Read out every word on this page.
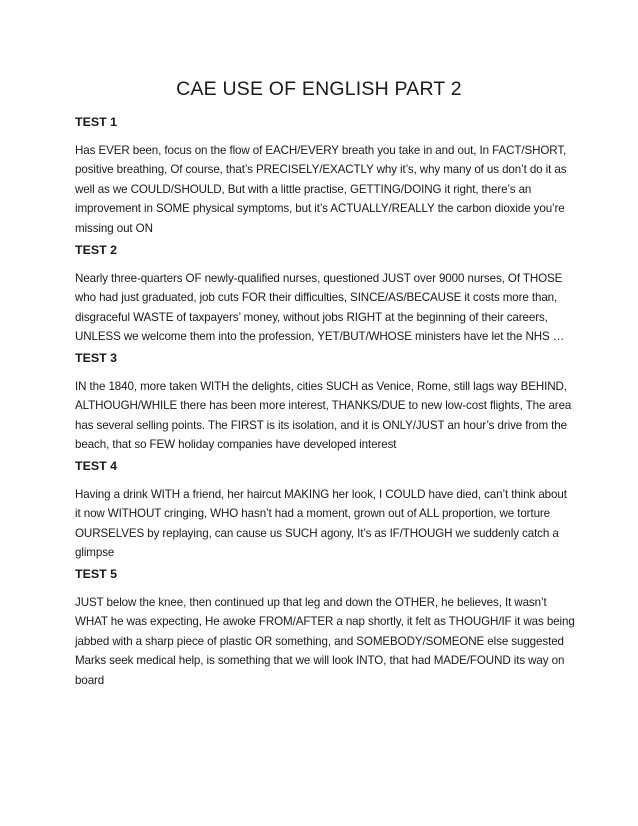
CAE USE OF ENGLISH PART 2

TEST 1

Has EVER been, focus on the flow of EACH/EVERY breath you take in and out, In FACT/SHORT, positive breathing, Of course, that’s PRECISELY/EXACTLY why it’s, why many of us don’t do it as well as we COULD/SHOULD, But with a little practise, GETTING/DOING it right, there’s an improvement in SOME physical symptoms, but it’s ACTUALLY/REALLY the carbon dioxide you’re missing out ON

TEST 2

Nearly three-quarters OF newly-qualified nurses, questioned JUST over 9000 nurses, Of THOSE who had just graduated, job cuts FOR their difficulties, SINCE/AS/BECAUSE it costs more than, disgraceful WASTE of taxpayers’ money, without jobs RIGHT at the beginning of their careers, UNLESS we welcome them into the profession, YET/BUT/WHOSE ministers have let the NHS …

TEST 3

IN the 1840, more taken WITH the delights, cities SUCH as Venice, Rome, still lags way BEHIND, ALTHOUGH/WHILE there has been more interest, THANKS/DUE to new low-cost flights, The area has several selling points. The FIRST is its isolation, and it is ONLY/JUST an hour’s drive from the beach, that so FEW holiday companies have developed interest

TEST 4

Having a drink WITH a friend, her haircut MAKING her look, I COULD have died, can’t think about it now WITHOUT cringing, WHO hasn’t had a moment, grown out of ALL proportion, we torture OURSELVES by replaying, can cause us SUCH agony, It’s as IF/THOUGH we suddenly catch a glimpse

TEST 5

JUST below the knee, then continued up that leg and down the OTHER, he believes, It wasn’t WHAT he was expecting, He awoke FROM/AFTER a nap shortly, it felt as THOUGH/IF it was being jabbed with a sharp piece of plastic OR something, and SOMEBODY/SOMEONE else suggested Marks seek medical help, is something that we will look INTO, that had MADE/FOUND its way on board
